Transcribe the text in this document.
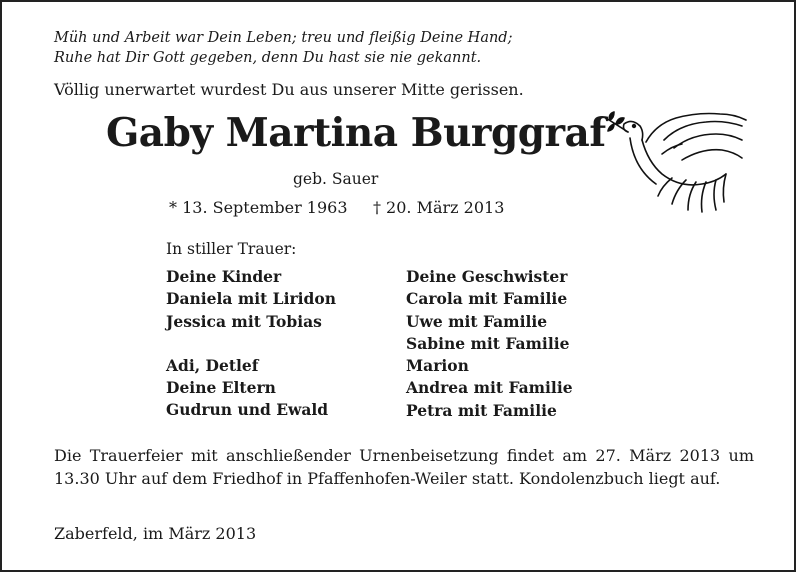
Müh und Arbeit war Dein Leben; treu und fleißig Deine Hand;
Ruhe hat Dir Gott gegeben, denn Du hast sie nie gekannt.
Völlig unerwartet wurdest Du aus unserer Mitte gerissen.
Gaby Martina Burggraf
geb. Sauer
* 13. September 1963     † 20. März 2013
In stiller Trauer:
Deine Kinder
Daniela mit Liridon
Jessica mit Tobias
Adi, Detlef
Deine Eltern
Gudrun und Ewald
Deine Geschwister
Carola mit Familie
Uwe mit Familie
Sabine mit Familie
Marion
Andrea mit Familie
Petra mit Familie
Die Trauerfeier mit anschließender Urnenbeisetzung findet am 27. März 2013 um 13.30 Uhr auf dem Friedhof in Pfaffenhofen-Weiler statt. Kondolenzbuch liegt auf.
Zaberfeld, im März 2013
